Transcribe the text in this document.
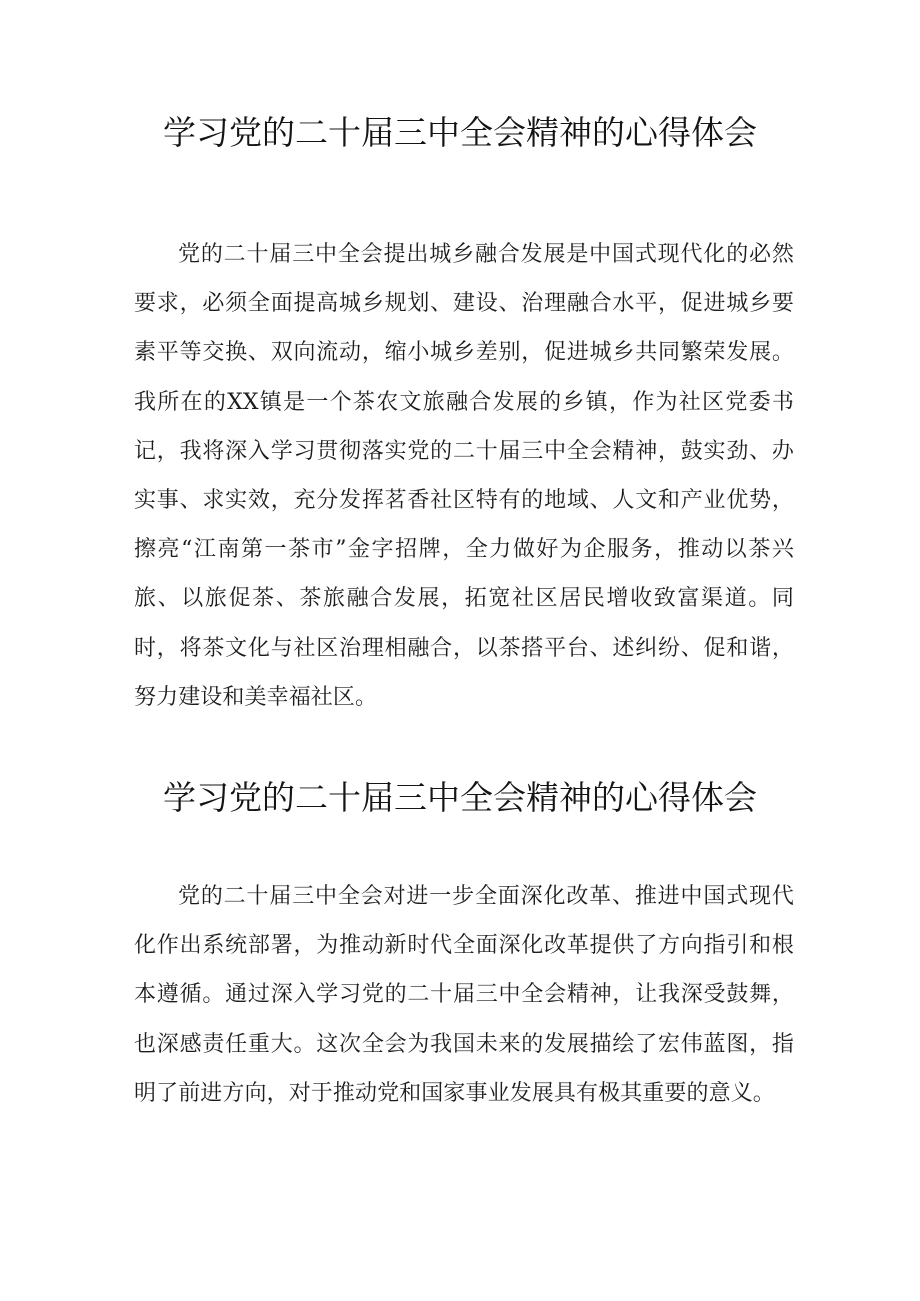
学习党的二十届三中全会精神的心得体会

党的二十届三中全会提出城乡融合发展是中国式现代化的必然要求，必须全面提高城乡规划、建设、治理融合水平，促进城乡要素平等交换、双向流动，缩小城乡差别，促进城乡共同繁荣发展。我所在的XX镇是一个茶农文旅融合发展的乡镇，作为社区党委书记，我将深入学习贯彻落实党的二十届三中全会精神，鼓实劲、办实事、求实效，充分发挥茗香社区特有的地域、人文和产业优势，擦亮“江南第一茶市”金字招牌，全力做好为企服务，推动以茶兴旅、以旅促茶、茶旅融合发展，拓宽社区居民增收致富渠道。同时，将茶文化与社区治理相融合，以茶搭平台、述纠纷、促和谐，努力建设和美幸福社区。

学习党的二十届三中全会精神的心得体会

党的二十届三中全会对进一步全面深化改革、推进中国式现代化作出系统部署，为推动新时代全面深化改革提供了方向指引和根本遵循。通过深入学习党的二十届三中全会精神，让我深受鼓舞，也深感责任重大。这次全会为我国未来的发展描绘了宏伟蓝图，指明了前进方向，对于推动党和国家事业发展具有极其重要的意义。
